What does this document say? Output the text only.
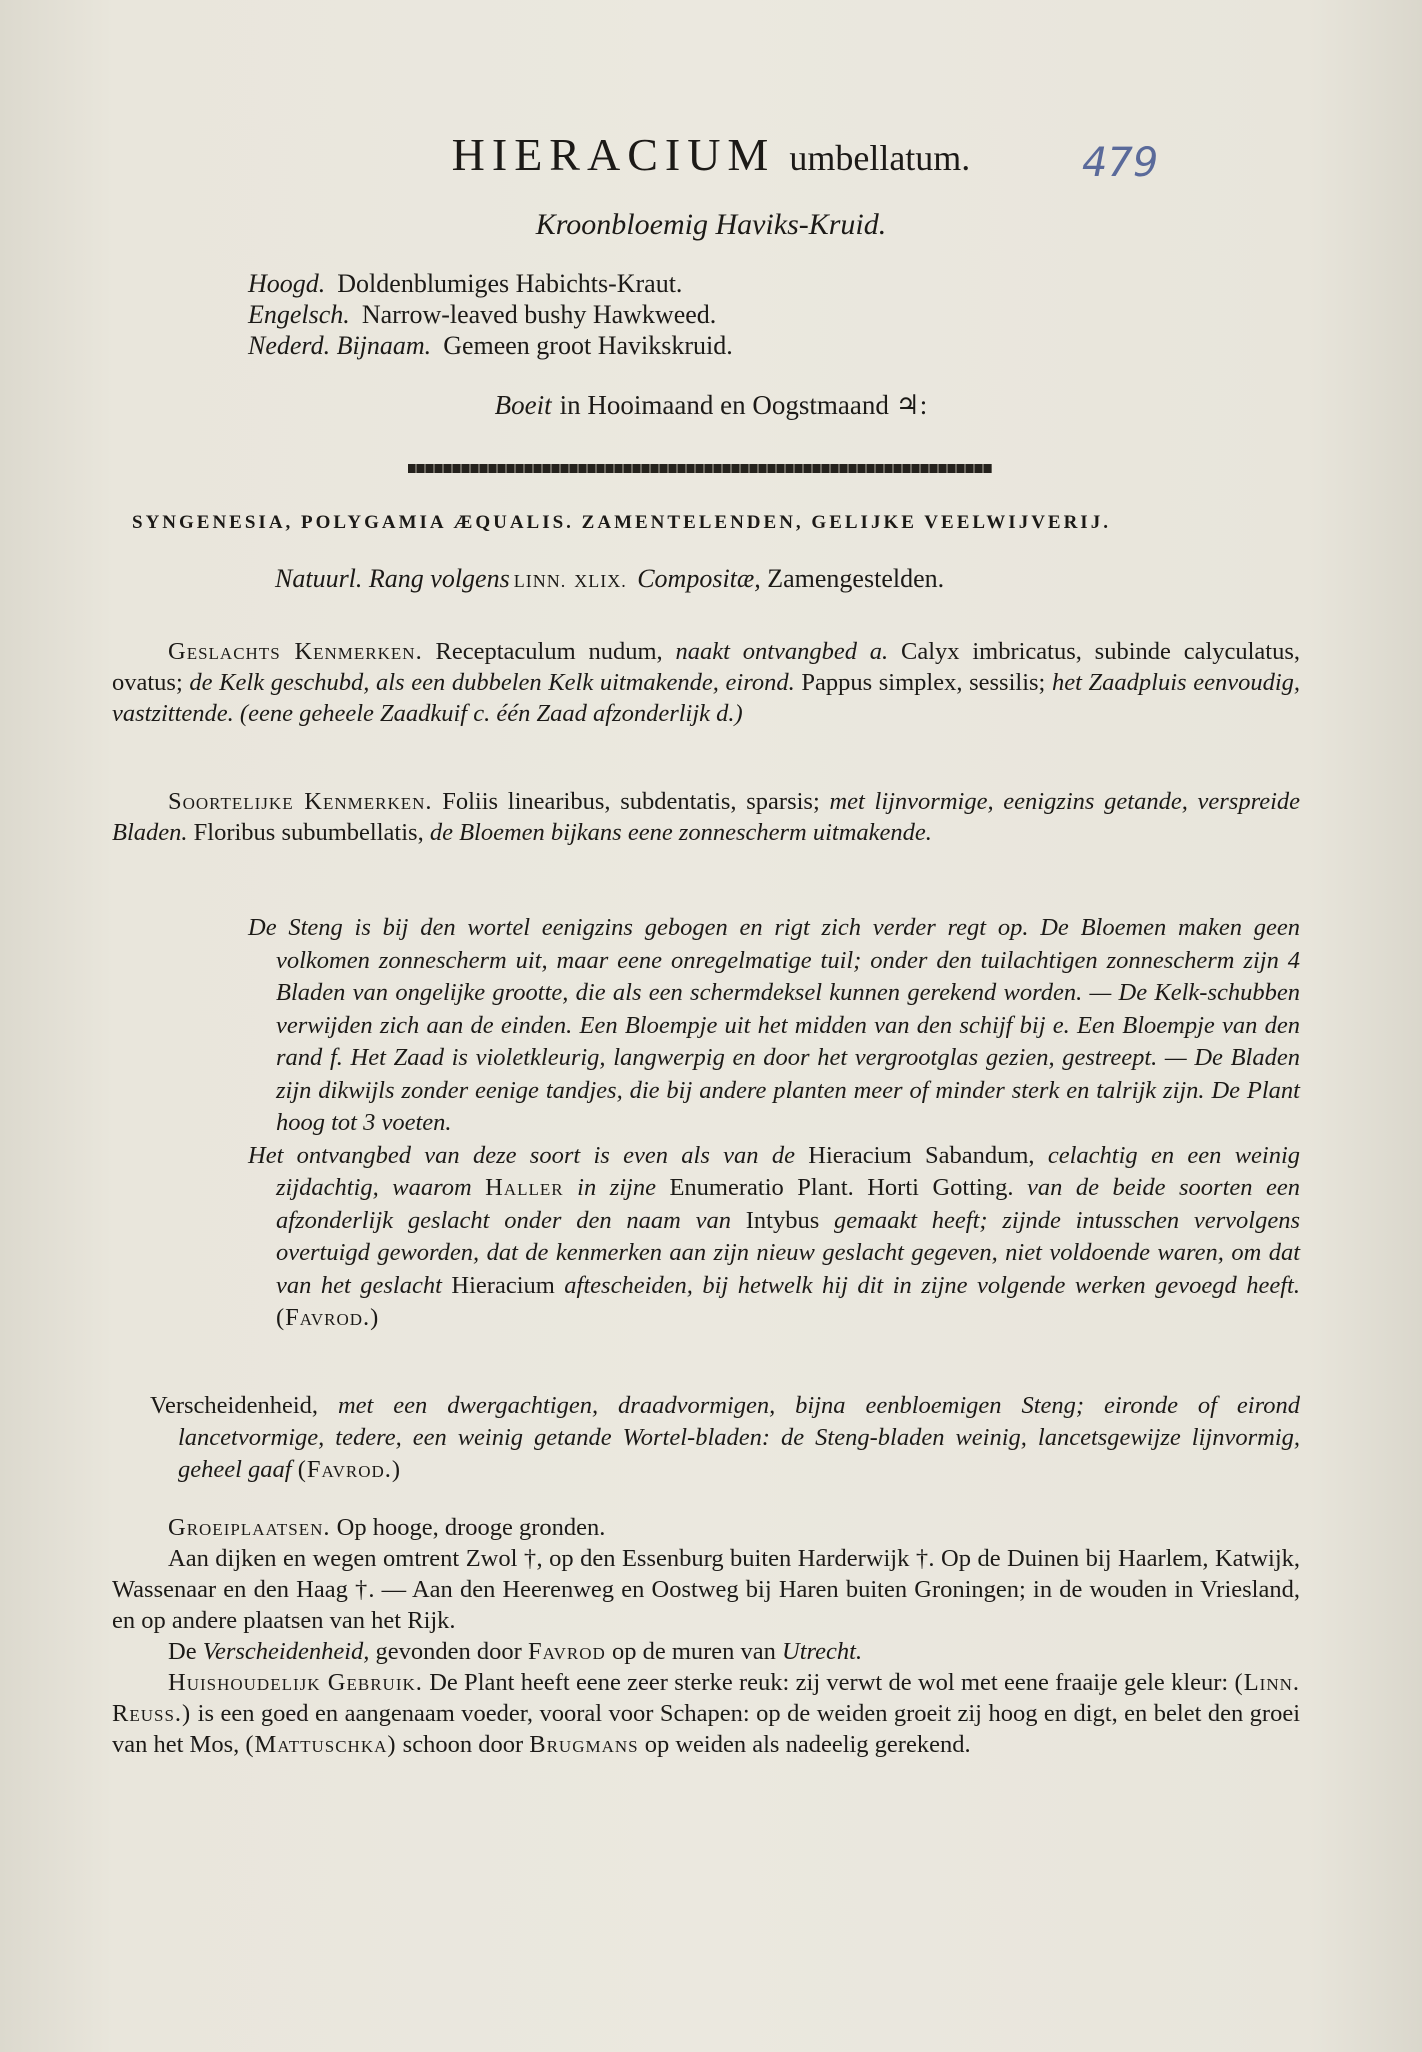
HIERACIUM umbellatum.	479
Kroonbloemig Haviks-Kruid.
Hoogd. Doldenblumiges Habichts-Kraut.
Engelsch. Narrow-leaved bushy Hawkweed.
Nederd. Bijnaam. Gemeen groot Havikskruid.
Boeit in Hooimaand en Oogstmaand ♃:
SYNGENESIA, POLYGAMIA ÆQUALIS. ZAMENTELENDEN, GELIJKE VEELWIJVERIJ.
Natuurl. Rang volgens LINN. XLIX. Compositæ, Zamengestelden.

Geslachts Kenmerken. Receptaculum nudum, naakt ontvangbed a. Calyx imbricatus, subinde calyculatus, ovatus; de Kelk geschubd, als een dubbelen Kelk uitmakende, eirond. Pappus simplex, sessilis; het Zaadpluis eenvoudig, vastzittende. (eene geheele Zaadkuif c. één Zaad afzonderlijk d.)

Soortelijke Kenmerken. Foliis linearibus, subdentatis, sparsis; met lijnvormige, eenigzins getande, verspreide Bladen. Floribus subumbellatis, de Bloemen bijkans eene zonnescherm uitmakende.

De Steng is bij den wortel eenigzins gebogen en rigt zich verder regt op. De Bloemen maken geen volkomen zonnescherm uit, maar eene onregelmatige tuil; onder den tuilachtigen zonnescherm zijn 4 Bladen van ongelijke grootte, die als een schermdeksel kunnen gerekend worden. — De Kelk-schubben verwijden zich aan de einden. Een Bloempje uit het midden van den schijf bij e. Een Bloempje van den rand f. Het Zaad is violetkleurig, langwerpig en door het vergrootglas gezien, gestreept. — De Bladen zijn dikwijls zonder eenige tandjes, die bij andere planten meer of minder sterk en talrijk zijn. De Plant hoog tot 3 voeten.

Het ontvangbed van deze soort is even als van de Hieracium Sabandum, celachtig en een weinig zijdachtig, waarom Haller in zijne Enumeratio Plant. Horti Gotting. van de beide soorten een afzonderlijk geslacht onder den naam van Intybus gemaakt heeft; zijnde intusschen vervolgens overtuigd geworden, dat de kenmerken aan zijn nieuw geslacht gegeven, niet voldoende waren, om dat van het geslacht Hieracium aftescheiden, bij hetwelk hij dit in zijne volgende werken gevoegd heeft. (Favrod.)

Verscheidenheid, met een dwergachtigen, draadvormigen, bijna eenbloemigen Steng; eironde of eirond lancetvormige, tedere, een weinig getande Wortel-bladen: de Steng-bladen weinig, lancetsgewijze lijnvormig, geheel gaaf (Favrod.)

Groeiplaatsen. Op hooge, drooge gronden.

Aan dijken en wegen omtrent Zwol †, op den Essenburg buiten Harderwijk †. Op de Duinen bij Haarlem, Katwijk, Wassenaar en den Haag †. — Aan den Heerenweg en Oostweg bij Haren buiten Groningen; in de wouden in Vriesland, en op andere plaatsen van het Rijk.

De Verscheidenheid, gevonden door Favrod op de muren van Utrecht.

Huishoudelijk Gebruik. De Plant heeft eene zeer sterke reuk: zij verwt de wol met eene fraaije gele kleur: (Linn. Reuss.) is een goed en aangenaam voeder, vooral voor Schapen: op de weiden groeit zij hoog en digt, en belet den groei van het Mos, (Mattuschka) schoon door Brugmans op weiden als nadeelig gerekend.
